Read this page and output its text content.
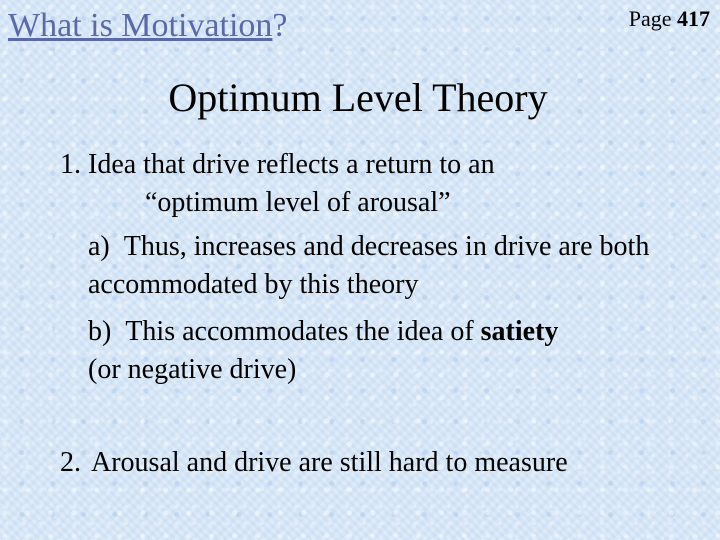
What is Motivation?	Page 417
Optimum Level Theory
1. Idea that drive reflects a return to an
“optimum level of arousal”
a) Thus, increases and decreases in drive are both accommodated by this theory
b) This accommodates the idea of satiety
(or negative drive)
2. Arousal and drive are still hard to measure
